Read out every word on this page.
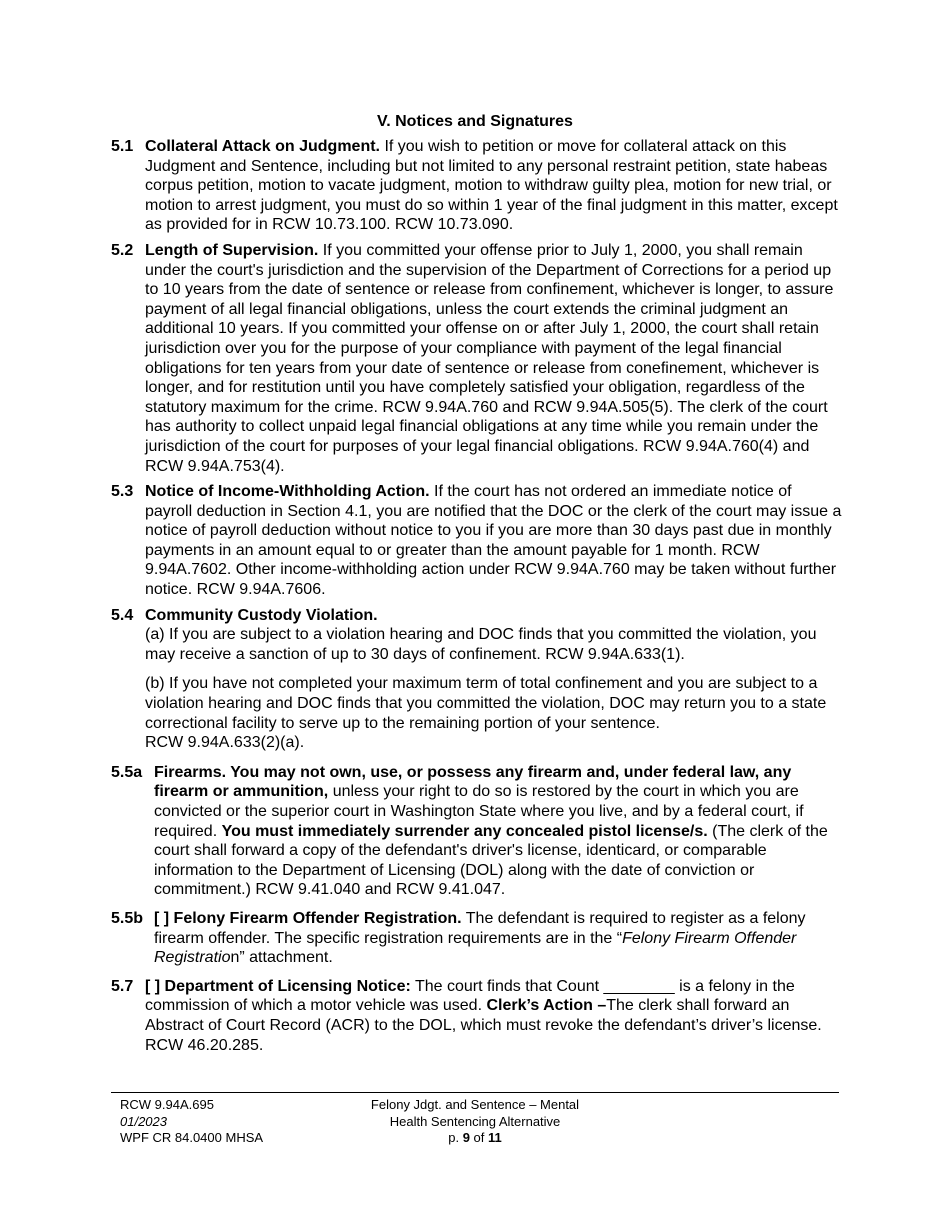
V. Notices and Signatures
5.1 Collateral Attack on Judgment. If you wish to petition or move for collateral attack on this Judgment and Sentence, including but not limited to any personal restraint petition, state habeas corpus petition, motion to vacate judgment, motion to withdraw guilty plea, motion for new trial, or motion to arrest judgment, you must do so within 1 year of the final judgment in this matter, except as provided for in RCW 10.73.100. RCW 10.73.090.

5.2 Length of Supervision. If you committed your offense prior to July 1, 2000, you shall remain under the court's jurisdiction and the supervision of the Department of Corrections for a period up to 10 years from the date of sentence or release from confinement, whichever is longer, to assure payment of all legal financial obligations, unless the court extends the criminal judgment an additional 10 years. If you committed your offense on or after July 1, 2000, the court shall retain jurisdiction over you for the purpose of your compliance with payment of the legal financial obligations for ten years from your date of sentence or release from conefinement, whichever is longer, and for restitution until you have completely satisfied your obligation, regardless of the statutory maximum for the crime. RCW 9.94A.760 and RCW 9.94A.505(5). The clerk of the court has authority to collect unpaid legal financial obligations at any time while you remain under the jurisdiction of the court for purposes of your legal financial obligations. RCW 9.94A.760(4) and RCW 9.94A.753(4).

5.3 Notice of Income-Withholding Action. If the court has not ordered an immediate notice of payroll deduction in Section 4.1, you are notified that the DOC or the clerk of the court may issue a notice of payroll deduction without notice to you if you are more than 30 days past due in monthly payments in an amount equal to or greater than the amount payable for 1 month. RCW 9.94A.7602. Other income-withholding action under RCW 9.94A.760 may be taken without further notice. RCW 9.94A.7606.

5.4 Community Custody Violation.

(a) If you are subject to a violation hearing and DOC finds that you committed the violation, you may receive a sanction of up to 30 days of confinement. RCW 9.94A.633(1).

(b) If you have not completed your maximum term of total confinement and you are subject to a violation hearing and DOC finds that you committed the violation, DOC may return you to a state correctional facility to serve up to the remaining portion of your sentence.
RCW 9.94A.633(2)(a).

5.5a Firearms. You may not own, use, or possess any firearm and, under federal law, any firearm or ammunition, unless your right to do so is restored by the court in which you are convicted or the superior court in Washington State where you live, and by a federal court, if required. You must immediately surrender any concealed pistol license/s. (The clerk of the court shall forward a copy of the defendant's driver's license, identicard, or comparable information to the Department of Licensing (DOL) along with the date of conviction or commitment.) RCW 9.41.040 and RCW 9.41.047.

5.5b [ ] Felony Firearm Offender Registration. The defendant is required to register as a felony firearm offender. The specific registration requirements are in the “Felony Firearm Offender Registration” attachment.

5.7 [ ] Department of Licensing Notice: The court finds that Count ________ is a felony in the commission of which a motor vehicle was used. Clerk’s Action –The clerk shall forward an Abstract of Court Record (ACR) to the DOL, which must revoke the defendant’s driver’s license. RCW 46.20.285.

RCW 9.94A.695
01/2023
WPF CR 84.0400 MHSA
Felony Jdgt. and Sentence – Mental
Health Sentencing Alternative
p. 9 of 11
